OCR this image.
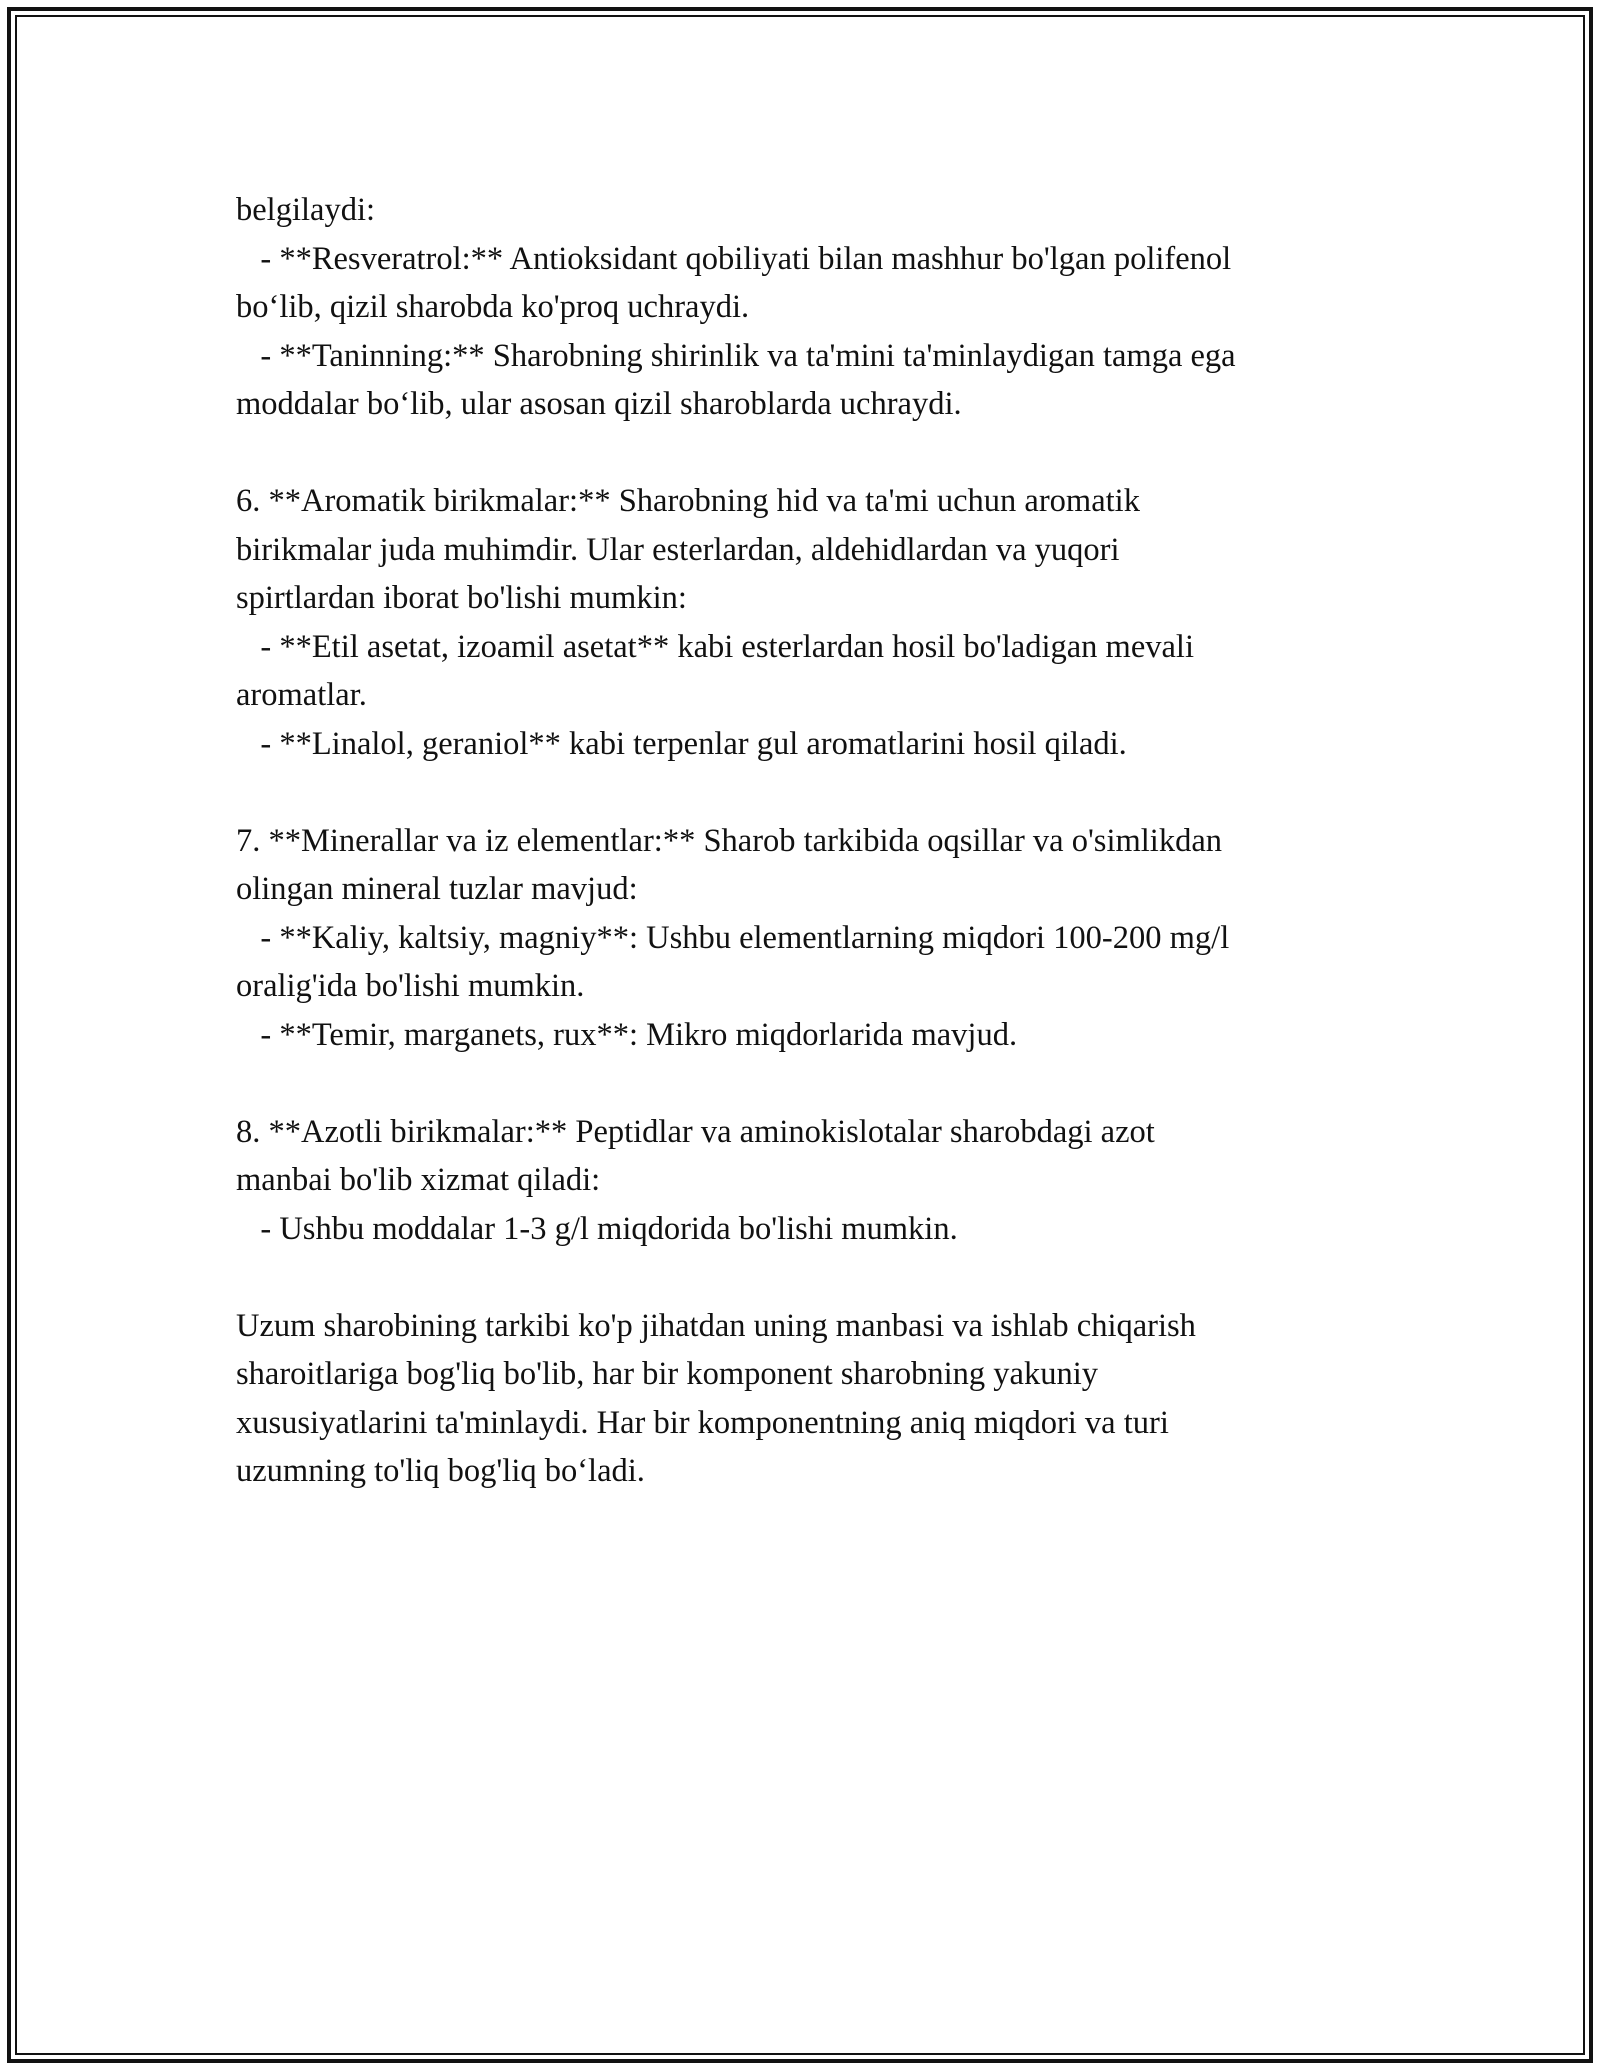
belgilaydi:
- **Resveratrol:** Antioksidant qobiliyati bilan mashhur bo'lgan polifenol
bo‘lib, qizil sharobda ko'proq uchraydi.
- **Taninning:** Sharobning shirinlik va ta'mini ta'minlaydigan tamga ega
moddalar bo‘lib, ular asosan qizil sharoblarda uchraydi.
6. **Aromatik birikmalar:** Sharobning hid va ta'mi uchun aromatik
birikmalar juda muhimdir. Ular esterlardan, aldehidlardan va yuqori
spirtlardan iborat bo'lishi mumkin:
- **Etil asetat, izoamil asetat** kabi esterlardan hosil bo'ladigan mevali
aromatlar.
- **Linalol, geraniol** kabi terpenlar gul aromatlarini hosil qiladi.
7. **Minerallar va iz elementlar:** Sharob tarkibida oqsillar va o'simlikdan
olingan mineral tuzlar mavjud:
- **Kaliy, kaltsiy, magniy**: Ushbu elementlarning miqdori 100-200 mg/l
oralig'ida bo'lishi mumkin.
- **Temir, marganets, rux**: Mikro miqdorlarida mavjud.
8. **Azotli birikmalar:** Peptidlar va aminokislotalar sharobdagi azot
manbai bo'lib xizmat qiladi:
- Ushbu moddalar 1-3 g/l miqdorida bo'lishi mumkin.
Uzum sharobining tarkibi ko'p jihatdan uning manbasi va ishlab chiqarish
sharoitlariga bog'liq bo'lib, har bir komponent sharobning yakuniy
xususiyatlarini ta'minlaydi. Har bir komponentning aniq miqdori va turi
uzumning to'liq bog'liq bo‘ladi.
